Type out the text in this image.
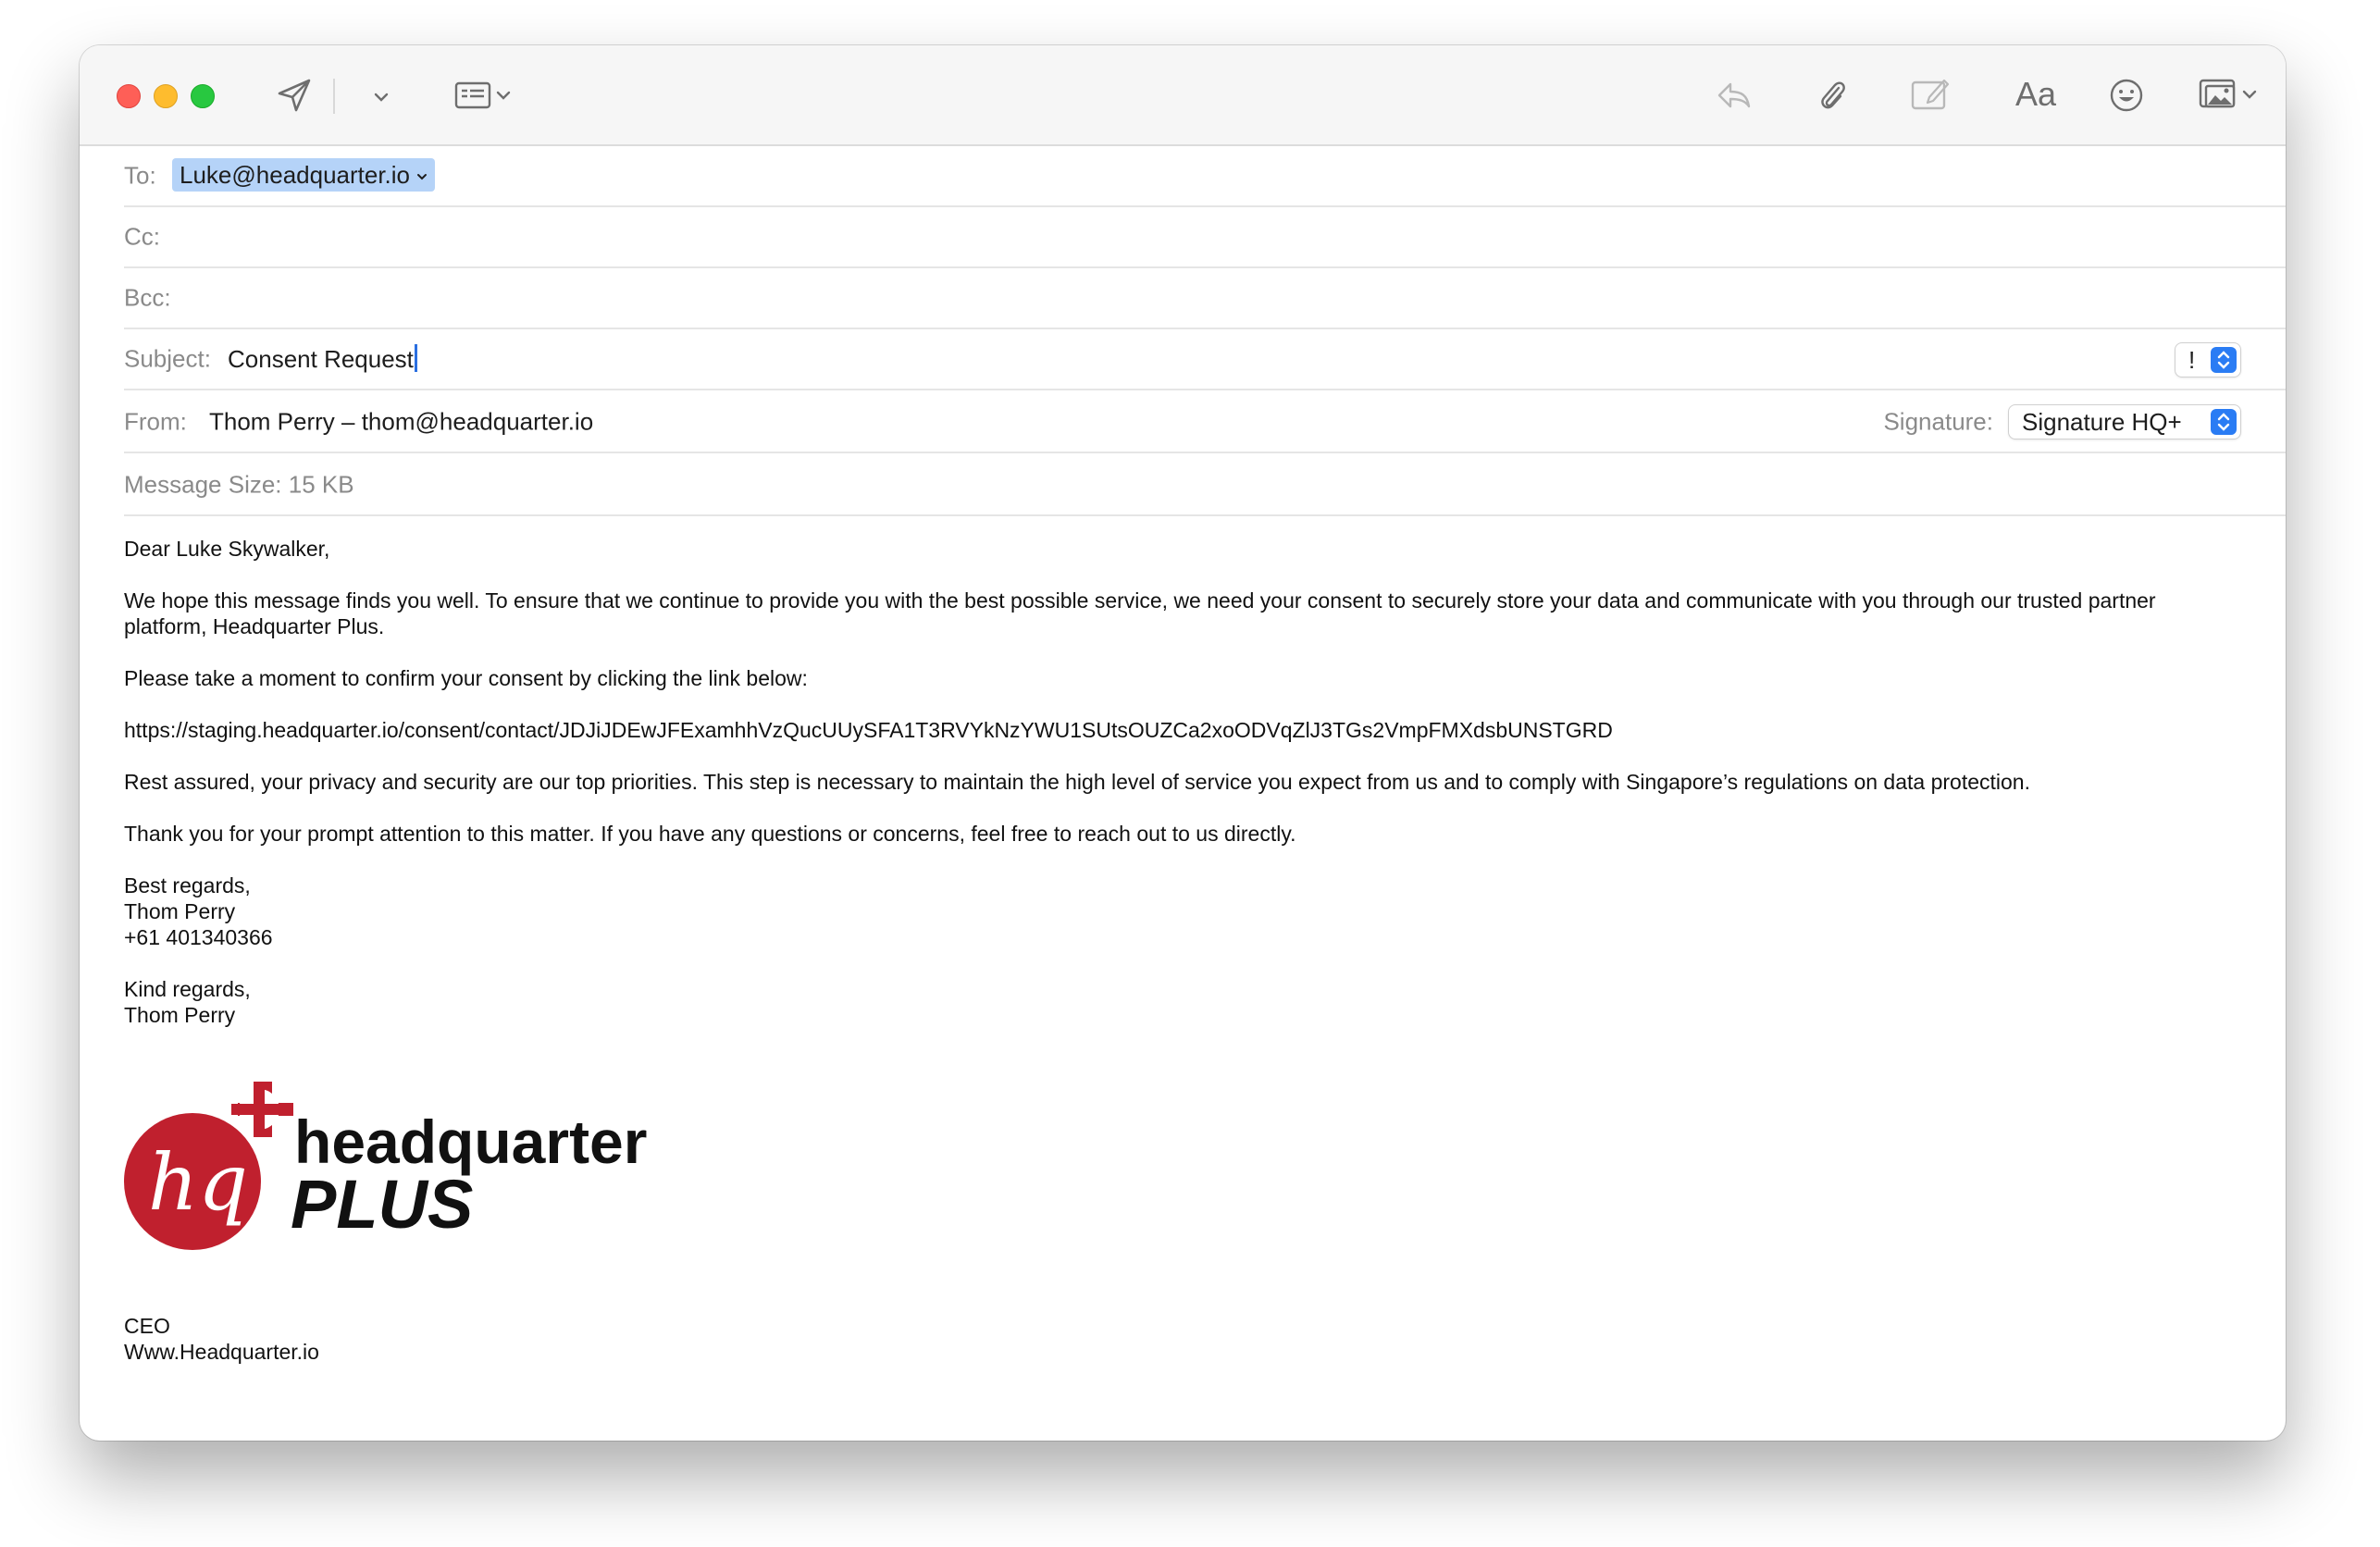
Aa
To: Luke@headquarter.io
Cc:
Bcc:
Subject: Consent Request	!
From: Thom Perry – thom@headquarter.io	Signature: Signature HQ+
Message Size: 15 KB

Dear Luke Skywalker,

We hope this message finds you well. To ensure that we continue to provide you with the best possible service, we need your consent to securely store your data and communicate with you through our trusted partner platform, Headquarter Plus.

Please take a moment to confirm your consent by clicking the link below:

https://staging.headquarter.io/consent/contact/JDJiJDEwJFExamhhVzQucUUySFA1T3RVYkNzYWU1SUtsOUZCa2xoODVqZlJ3TGs2VmpFMXdsbUNSTGRD

Rest assured, your privacy and security are our top priorities. This step is necessary to maintain the high level of service you expect from us and to comply with Singapore’s regulations on data protection.

Thank you for your prompt attention to this matter. If you have any questions or concerns, feel free to reach out to us directly.

Best regards,
Thom Perry
+61 401340366

Kind regards,
Thom Perry

hq headquarter
PLUS
CEO
Www.Headquarter.io
